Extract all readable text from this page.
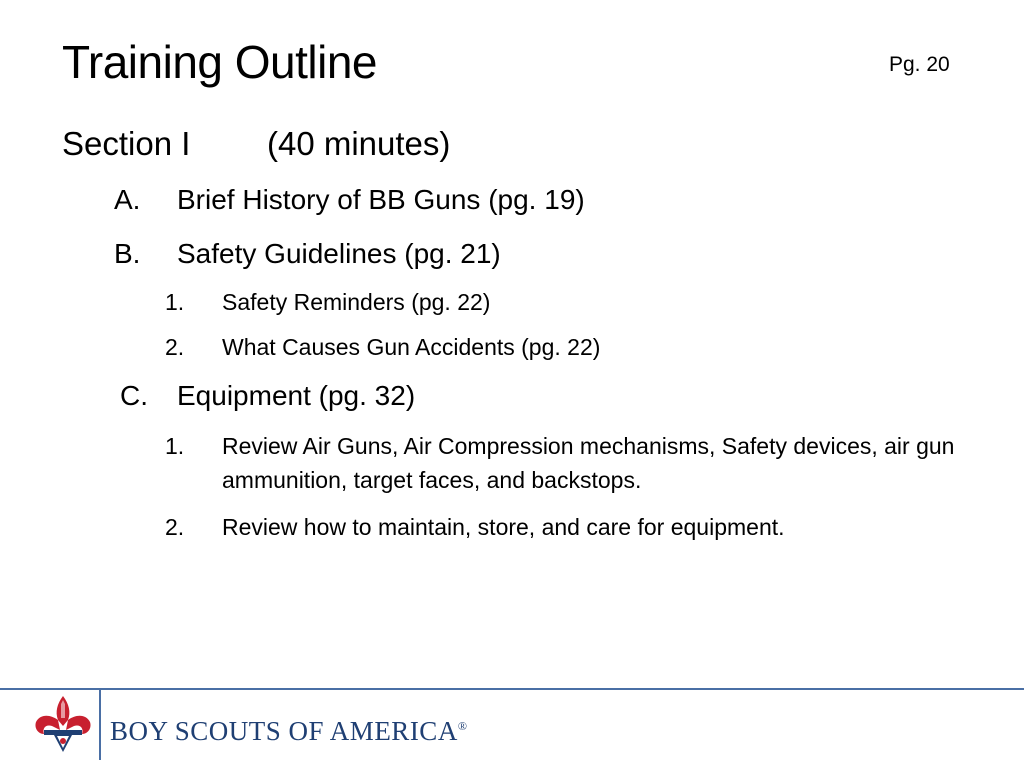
Training Outline	Pg. 20
Section I (40 minutes)
A. Brief History of BB Guns (pg. 19)
B. Safety Guidelines (pg. 21)
1. Safety Reminders (pg. 22)
2. What Causes Gun Accidents (pg. 22)
C. Equipment (pg. 32)
1. Review Air Guns, Air Compression mechanisms, Safety devices, air gun ammunition, target faces, and backstops.
2. Review how to maintain, store, and care for equipment.
BOY SCOUTS OF AMERICA®
